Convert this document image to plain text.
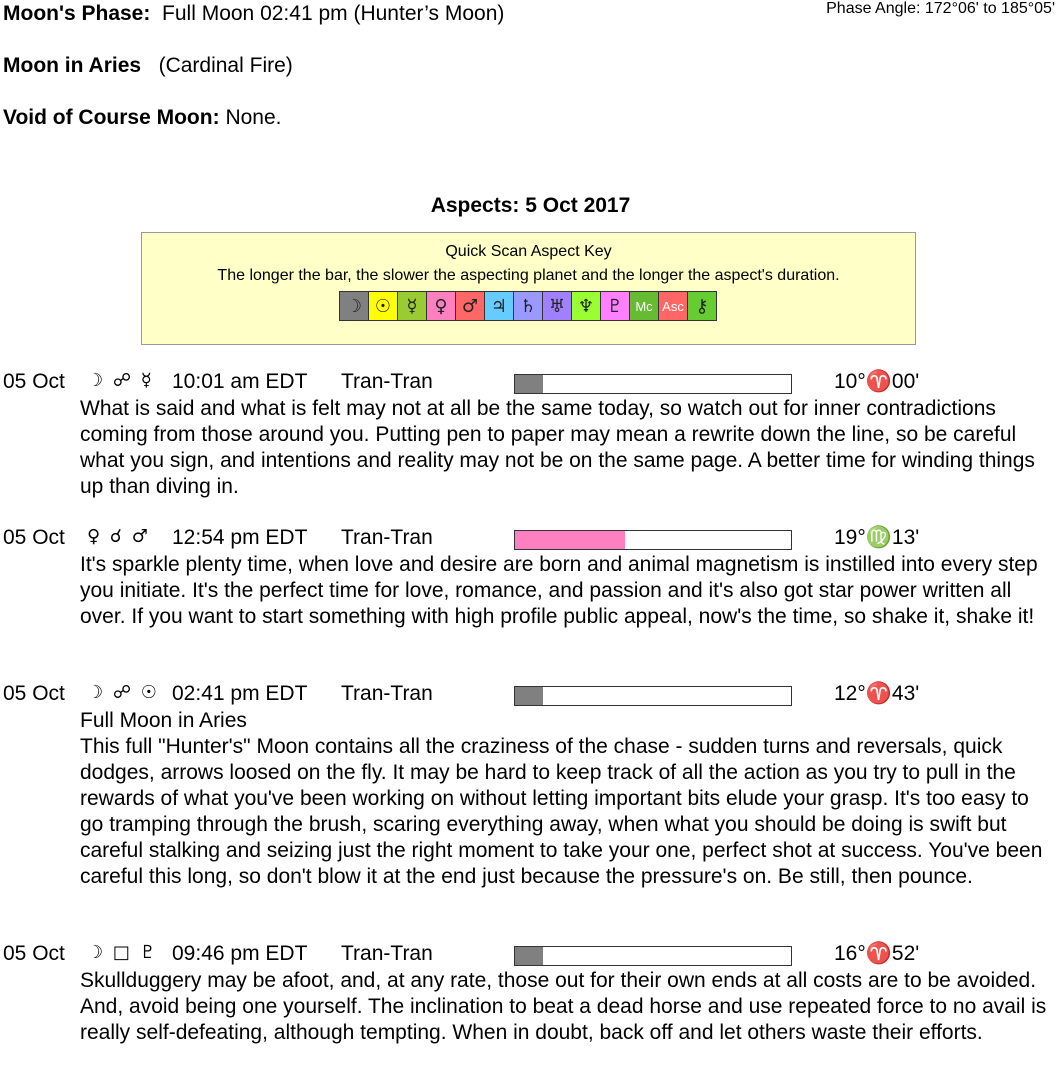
Moon's Phase: Full Moon 02:41 pm (Hunter’s Moon)	Phase Angle: 172°06' to 185°05'
Moon in Aries (Cardinal Fire)
Void of Course Moon: None.
Aspects: 5 Oct 2017
Quick Scan Aspect Key
The longer the bar, the slower the aspecting planet and the longer the aspect's duration.
☽ ☉ ☿ ♀ ♂ ♃ ♄ ♅ ♆ ♇ Mc Asc ⚷
05 Oct ☽ ☍ ☿ 10:01 am EDT Tran-Tran	10°♈00'
What is said and what is felt may not at all be the same today, so watch out for inner contradictions coming from those around you. Putting pen to paper may mean a rewrite down the line, so be careful what you sign, and intentions and reality may not be on the same page. A better time for winding things up than diving in.
05 Oct ♀ ☌ ♂ 12:54 pm EDT Tran-Tran	19°♍13'
It's sparkle plenty time, when love and desire are born and animal magnetism is instilled into every step you initiate. It's the perfect time for love, romance, and passion and it's also got star power written all over. If you want to start something with high profile public appeal, now's the time, so shake it, shake it!
05 Oct ☽ ☍ ☉ 02:41 pm EDT Tran-Tran	12°♈43'
Full Moon in Aries
This full "Hunter's" Moon contains all the craziness of the chase - sudden turns and reversals, quick dodges, arrows loosed on the fly. It may be hard to keep track of all the action as you try to pull in the rewards of what you've been working on without letting important bits elude your grasp. It's too easy to go tramping through the brush, scaring everything away, when what you should be doing is swift but careful stalking and seizing just the right moment to take your one, perfect shot at success. You've been careful this long, so don't blow it at the end just because the pressure's on. Be still, then pounce.
05 Oct ☽ □ ♇ 09:46 pm EDT Tran-Tran	16°♈52'
Skullduggery may be afoot, and, at any rate, those out for their own ends at all costs are to be avoided. And, avoid being one yourself. The inclination to beat a dead horse and use repeated force to no avail is really self-defeating, although tempting. When in doubt, back off and let others waste their efforts.
